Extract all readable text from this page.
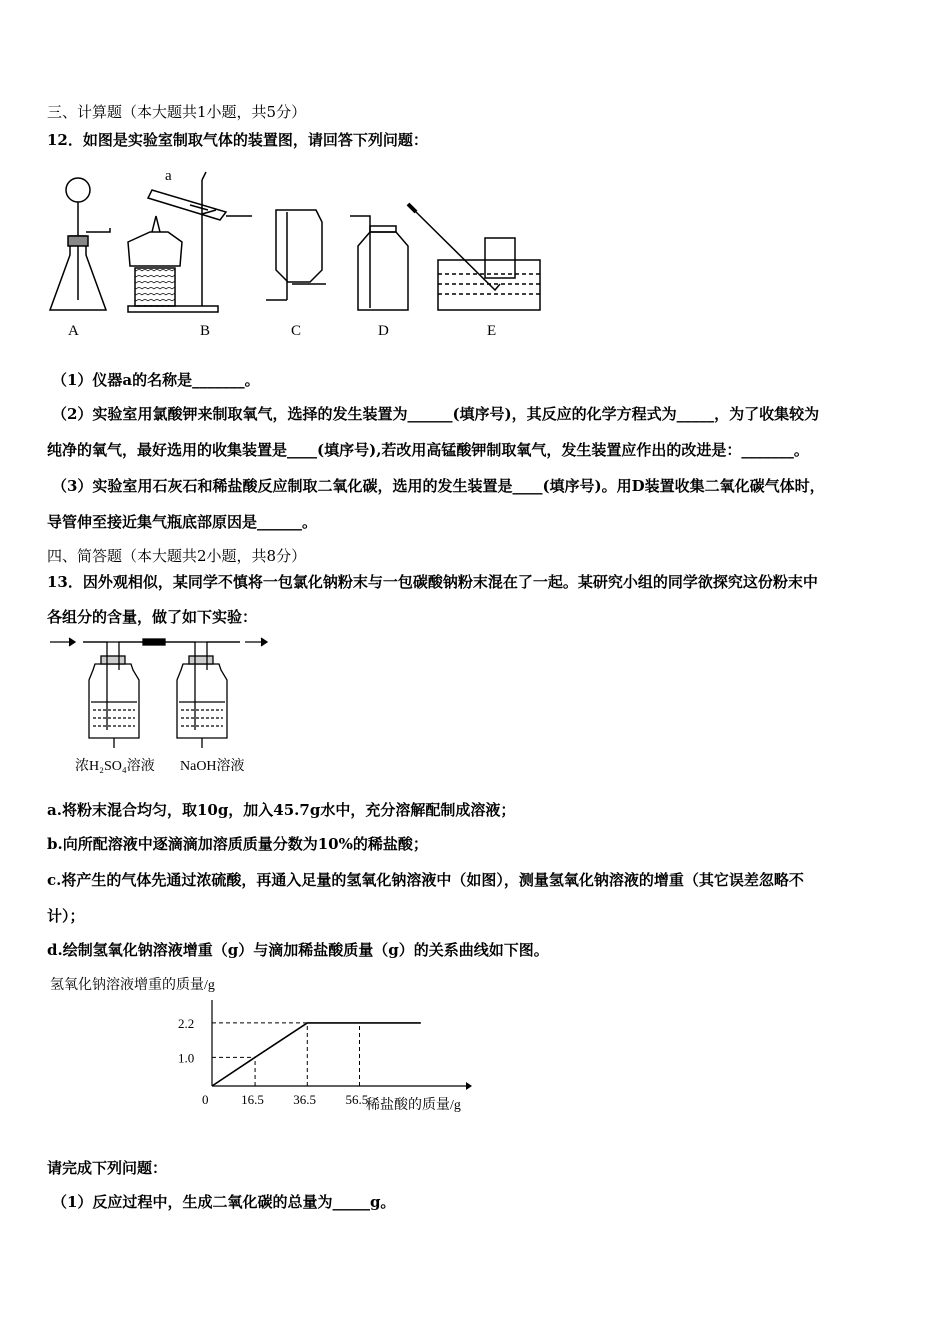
三、计算题（本大题共1小题，共5分）
12．如图是实验室制取气体的装置图，请回答下列问题：
a
A	B	C	D	E
（1）仪器a的名称是_______。
（2）实验室用氯酸钾来制取氧气，选择的发生装置为______(填序号)，其反应的化学方程式为_____，为了收集较为
纯净的氧气，最好选用的收集装置是____(填序号),若改用高锰酸钾制取氧气，发生装置应作出的改进是：_______。
（3）实验室用石灰石和稀盐酸反应制取二氧化碳，选用的发生装置是____(填序号)。用D装置收集二氧化碳气体时，
导管伸至接近集气瓶底部原因是______。
四、简答题（本大题共2小题，共8分）
13．因外观相似，某同学不慎将一包氯化钠粉末与一包碳酸钠粉末混在了一起。某研究小组的同学欲探究这份粉末中
各组分的含量，做了如下实验：
浓H₂SO₄溶液 NaOH溶液
a.将粉末混合均匀，取10g，加入45.7g水中，充分溶解配制成溶液；
b.向所配溶液中逐滴滴加溶质质量分数为10%的稀盐酸；
c.将产生的气体先通过浓硫酸，再通入足量的氢氧化钠溶液中（如图），测量氢氧化钠溶液的增重（其它误差忽略不
计）；
d.绘制氢氧化钠溶液增重（g）与滴加稀盐酸质量（g）的关系曲线如下图。
氢氧化钠溶液增重的质量/g
1.0
2.2
16.5 36.5 56.5
0	稀盐酸的质量/g
请完成下列问题：
（1）反应过程中，生成二氧化碳的总量为_____g。
